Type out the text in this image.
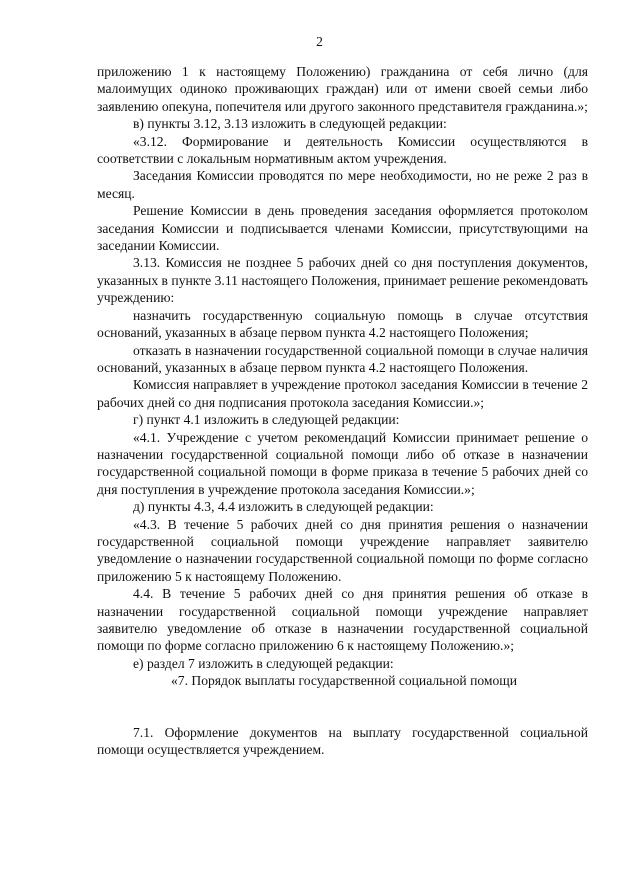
2

приложению 1 к настоящему Положению) гражданина от себя лично (для малоимущих одиноко проживающих граждан) или от имени своей семьи либо заявлению опекуна, попечителя или другого законного представителя гражданина.»;

в) пункты 3.12, 3.13 изложить в следующей редакции:

«3.12. Формирование и деятельность Комиссии осуществляются в соответствии с локальным нормативным актом учреждения.

Заседания Комиссии проводятся по мере необходимости, но не реже 2 раз в месяц.

Решение Комиссии в день проведения заседания оформляется протоколом заседания Комиссии и подписывается членами Комиссии, присутствующими на заседании Комиссии.

3.13. Комиссия не позднее 5 рабочих дней со дня поступления документов, указанных в пункте 3.11 настоящего Положения, принимает решение рекомендовать учреждению:

назначить государственную социальную помощь в случае отсутствия оснований, указанных в абзаце первом пункта 4.2 настоящего Положения;

отказать в назначении государственной социальной помощи в случае наличия оснований, указанных в абзаце первом пункта 4.2 настоящего Положения.

Комиссия направляет в учреждение протокол заседания Комиссии в течение 2 рабочих дней со дня подписания протокола заседания Комиссии.»;

г) пункт 4.1 изложить в следующей редакции:

«4.1. Учреждение с учетом рекомендаций Комиссии принимает решение о назначении государственной социальной помощи либо об отказе в назначении государственной социальной помощи в форме приказа в течение 5 рабочих дней со дня поступления в учреждение протокола заседания Комиссии.»;

д) пункты 4.3, 4.4 изложить в следующей редакции:

«4.3. В течение 5 рабочих дней со дня принятия решения о назначении государственной социальной помощи учреждение направляет заявителю уведомление о назначении государственной социальной помощи по форме согласно приложению 5 к настоящему Положению.

4.4. В течение 5 рабочих дней со дня принятия решения об отказе в назначении государственной социальной помощи учреждение направляет заявителю уведомление об отказе в назначении государственной социальной помощи по форме согласно приложению 6 к настоящему Положению.»;

е) раздел 7 изложить в следующей редакции:

«7. Порядок выплаты государственной социальной помощи

7.1. Оформление документов на выплату государственной социальной помощи осуществляется учреждением.
